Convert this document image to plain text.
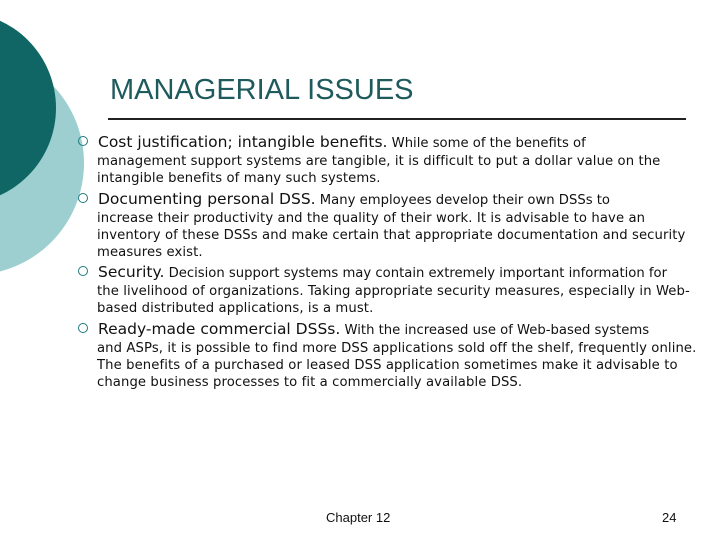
MANAGERIAL ISSUES
Cost justification; intangible benefits. While some of the benefits of
management support systems are tangible, it is difficult to put a dollar value on the intangible benefits of many such systems.
Documenting personal DSS. Many employees develop their own DSSs to
increase their productivity and the quality of their work. It is advisable to have an inventory of these DSSs and make certain that appropriate documentation and security measures exist.
Security. Decision support systems may contain extremely important information for
the livelihood of organizations. Taking appropriate security measures, especially in Web-based distributed applications, is a must.
Ready-made commercial DSSs. With the increased use of Web-based systems
and ASPs, it is possible to find more DSS applications sold off the shelf, frequently online. The benefits of a purchased or leased DSS application sometimes make it advisable to change business processes to fit a commercially available DSS.
Chapter 12	24
